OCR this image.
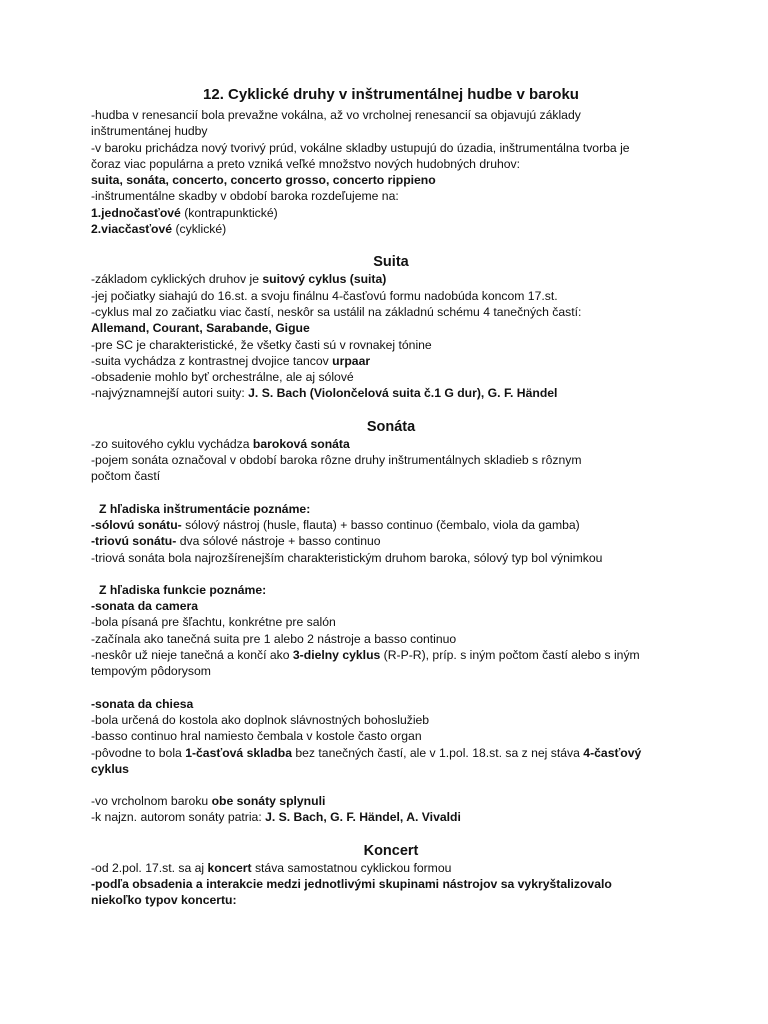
12. Cyklické druhy v inštrumentálnej hudbe v baroku
-hudba v renesancií bola prevažne vokálna, až vo vrcholnej renesancií sa objavujú základy
inštrumentánej hudby
-v baroku prichádza nový tvorivý prúd, vokálne skladby ustupujú do úzadia, inštrumentálna tvorba je
čoraz viac populárna a preto vzniká veľké množstvo nových hudobných druhov:
suita, sonáta, concerto, concerto grosso, concerto rippieno
-inštrumentálne skadby v období baroka rozdeľujeme na:
1.jednočasťové (kontrapunktické)
2.viacčasťové (cyklické)
Suita
-základom cyklických druhov je suitový cyklus (suita)
-jej počiatky siahajú do 16.st. a svoju finálnu 4-časťovú formu nadobúda koncom 17.st.
-cyklus mal zo začiatku viac častí, neskôr sa ustálil na základnú schému 4 tanečných častí:
Allemand, Courant, Sarabande, Gigue
-pre SC je charakteristické, že všetky časti sú v rovnakej tónine
-suita vychádza z kontrastnej dvojice tancov urpaar
-obsadenie mohlo byť orchestrálne, ale aj sólové
-najvýznamnejší autori suity: J. S. Bach (Violončelová suita č.1 G dur), G. F. Händel
Sonáta
-zo suitového cyklu vychádza baroková sonáta
-pojem sonáta označoval v období baroka rôzne druhy inštrumentálnych skladieb s rôznym
počtom častí
Z hľadiska inštrumentácie poznáme:
-sólovú sonátu- sólový nástroj (husle, flauta) + basso continuo (čembalo, viola da gamba)
-triovú sonátu- dva sólové nástroje + basso continuo
-triová sonáta bola najrozšírenejším charakteristickým druhom baroka, sólový typ bol výnimkou
Z hľadiska funkcie poznáme:
-sonata da camera
-bola písaná pre šľachtu, konkrétne pre salón
-začínala ako tanečná suita pre 1 alebo 2 nástroje a basso continuo
-neskôr už nieje tanečná a končí ako 3-dielny cyklus (R-P-R), príp. s iným počtom častí alebo s iným
tempovým pôdorysom
-sonata da chiesa
-bola určená do kostola ako doplnok slávnostných bohoslužieb
-basso continuo hral namiesto čembala v kostole často organ
-pôvodne to bola 1-časťová skladba bez tanečných častí, ale v 1.pol. 18.st. sa z nej stáva 4-časťový
cyklus
-vo vrcholnom baroku obe sonáty splynuli
-k najzn. autorom sonáty patria: J. S. Bach, G. F. Händel, A. Vivaldi
Koncert
-od 2.pol. 17.st. sa aj koncert stáva samostatnou cyklickou formou
-podľa obsadenia a interakcie medzi jednotlivými skupinami nástrojov sa vykryštalizovalo
niekoľko typov koncertu:
